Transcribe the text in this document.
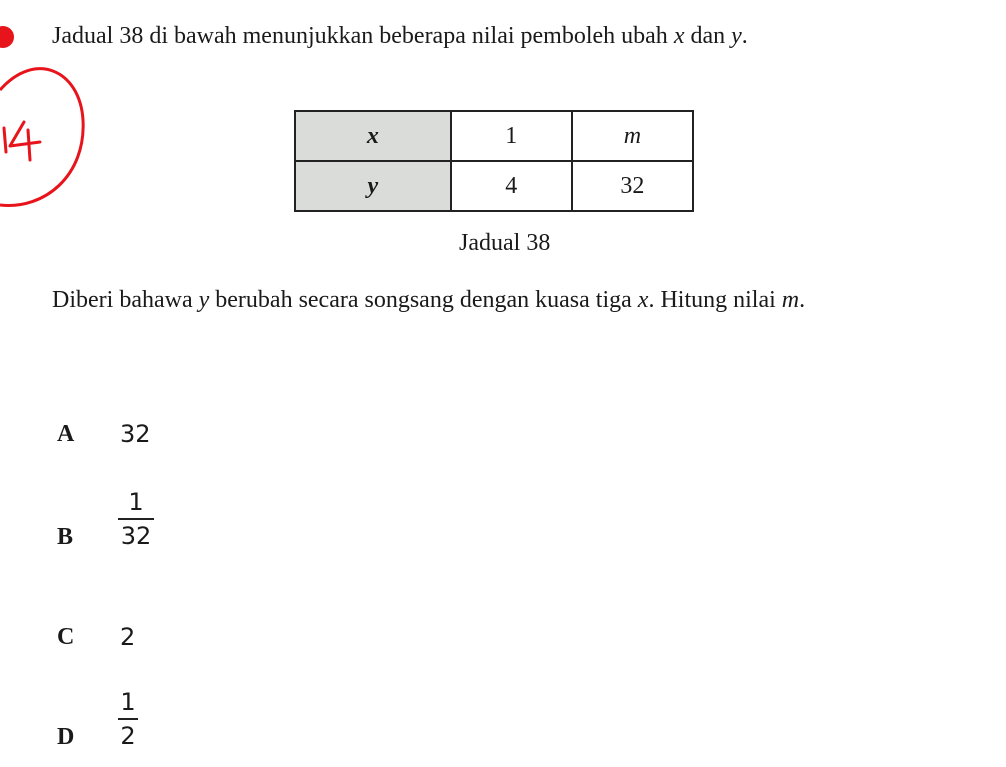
Jadual 38 di bawah menunjukkan beberapa nilai pemboleh ubah x dan y.
x	1	m
y	4	32
Jadual 38
Diberi bahawa y berubah secara songsang dengan kuasa tiga x. Hitung nilai m.
A 32
B
1
32
C 2
D
1
2
